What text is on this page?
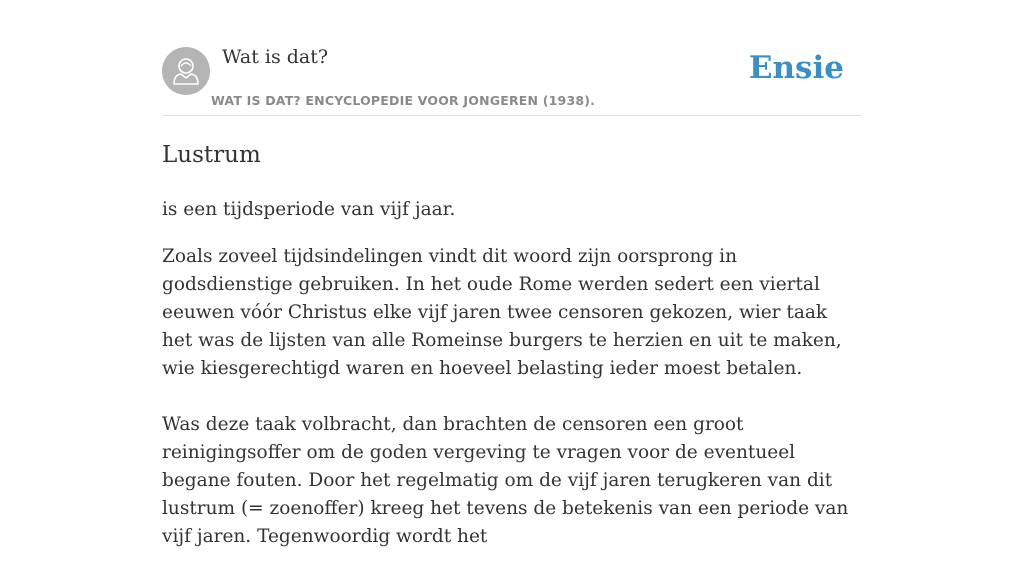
Wat is dat?
WAT IS DAT? ENCYCLOPEDIE VOOR JONGEREN (1938).
Ensie
Lustrum

is een tijdsperiode van vijf jaar.

Zoals zoveel tijdsindelingen vindt dit woord zijn oorsprong in godsdienstige gebruiken. In het oude Rome werden sedert een viertal eeuwen vóór Christus elke vijf jaren twee censoren gekozen, wier taak het was de lijsten van alle Romeinse burgers te herzien en uit te maken, wie kiesgerechtigd waren en hoeveel belasting ieder moest betalen.

Was deze taak volbracht, dan brachten de censoren een groot reinigingsoffer om de goden vergeving te vragen voor de eventueel begane fouten. Door het regelmatig om de vijf jaren terugkeren van dit lustrum (= zoenoffer) kreeg het tevens de betekenis van een periode van vijf jaren. Tegenwoordig wordt het
